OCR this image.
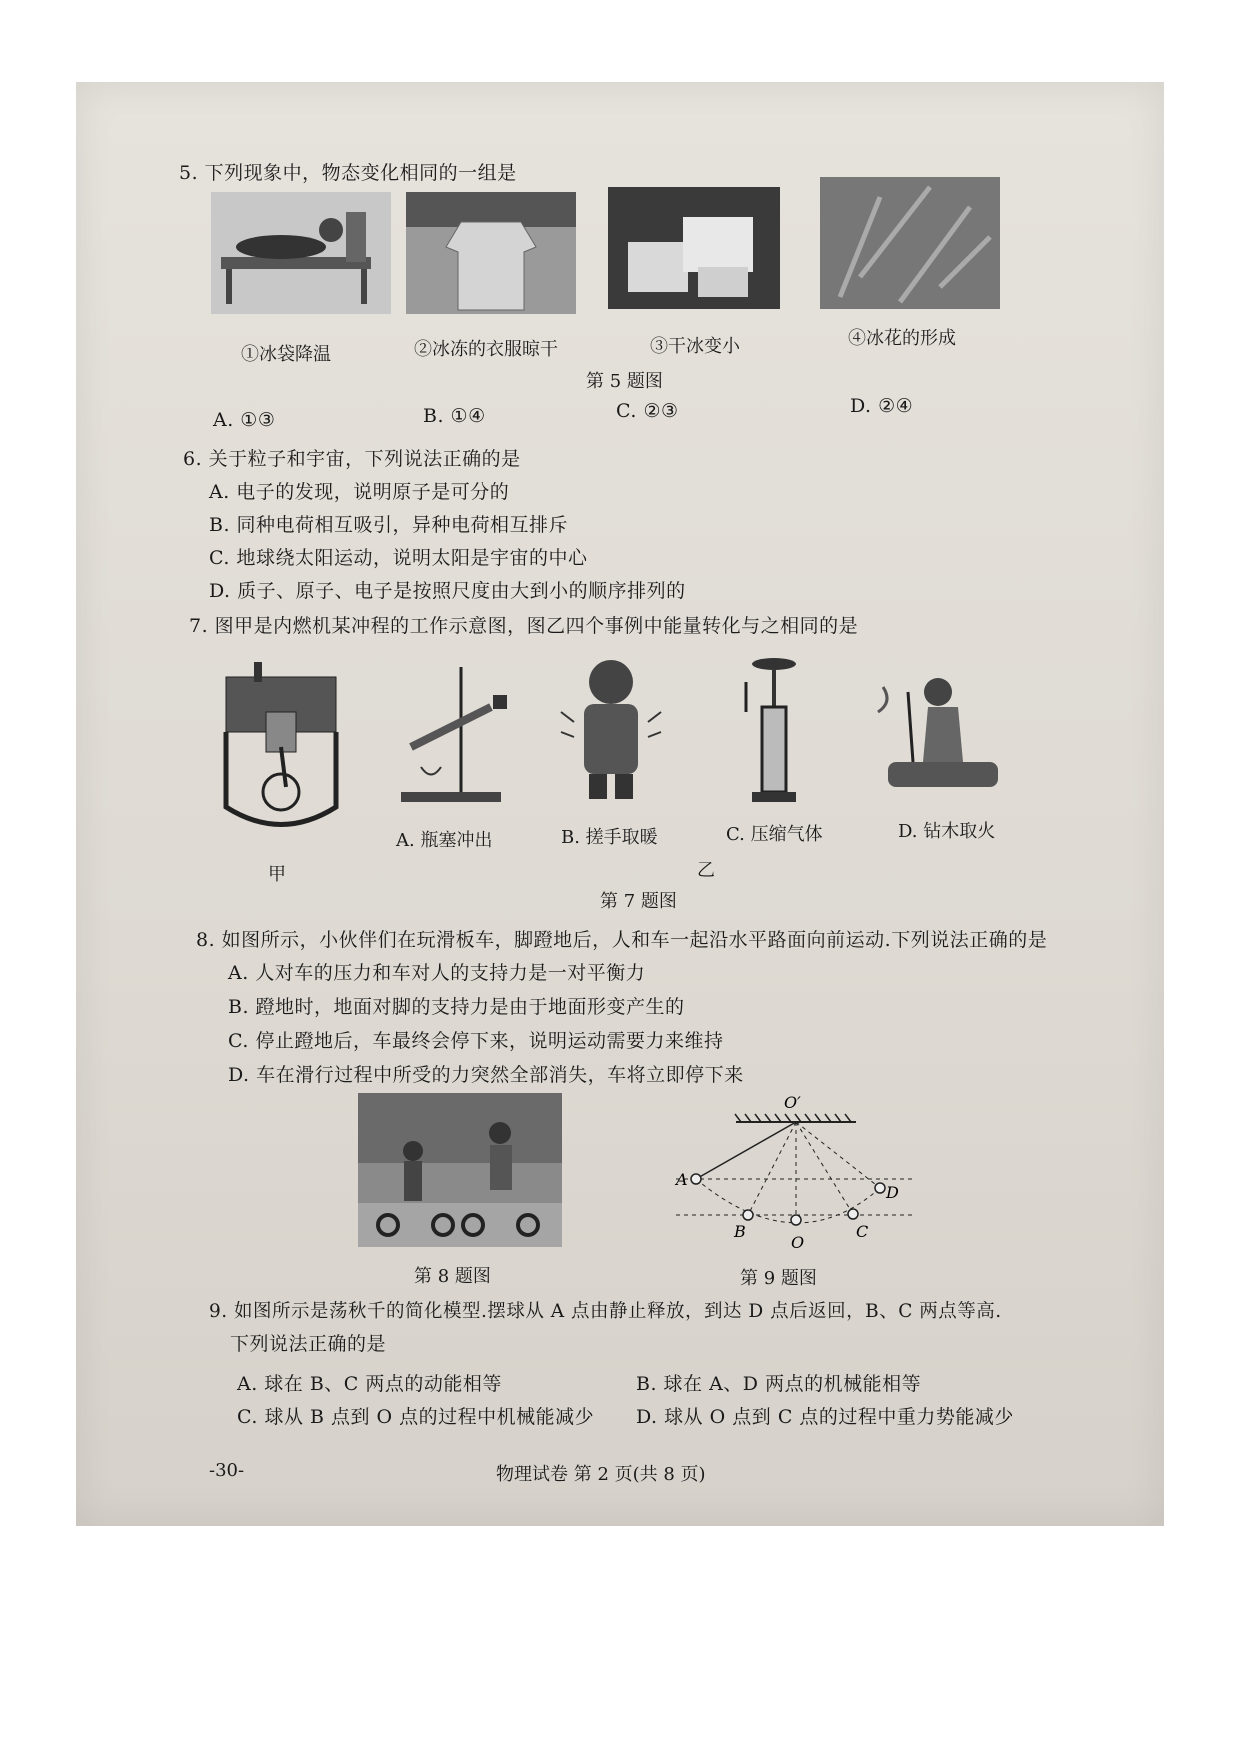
5. 下列现象中，物态变化相同的一组是
①冰袋降温	②冰冻的衣服晾干	③干冰变小	④冰花的形成
第 5 题图
A. ①③	B. ①④	C. ②③	D. ②④
6. 关于粒子和宇宙，下列说法正确的是
A. 电子的发现，说明原子是可分的
B. 同种电荷相互吸引，异种电荷相互排斥
C. 地球绕太阳运动，说明太阳是宇宙的中心
D. 质子、原子、电子是按照尺度由大到小的顺序排列的
7. 图甲是内燃机某冲程的工作示意图，图乙四个事例中能量转化与之相同的是
A. 瓶塞冲出	B. 搓手取暖	C. 压缩气体	D. 钻木取火
甲	乙
第 7 题图
8. 如图所示，小伙伴们在玩滑板车，脚蹬地后，人和车一起沿水平路面向前运动.下列说法正确的是
A. 人对车的压力和车对人的支持力是一对平衡力
B. 蹬地时，地面对脚的支持力是由于地面形变产生的
C. 停止蹬地后，车最终会停下来，说明运动需要力来维持
D. 车在滑行过程中所受的力突然全部消失，车将立即停下来
第 8 题图
O′
A
B
O
C
D
第 9 题图
9. 如图所示是荡秋千的简化模型.摆球从 A 点由静止释放，到达 D 点后返回，B、C 两点等高.
下列说法正确的是
A. 球在 B、C 两点的动能相等	B. 球在 A、D 两点的机械能相等
C. 球从 B 点到 O 点的过程中机械能减少 D. 球从 O 点到 C 点的过程中重力势能减少
-30-	物理试卷 第 2 页(共 8 页)
